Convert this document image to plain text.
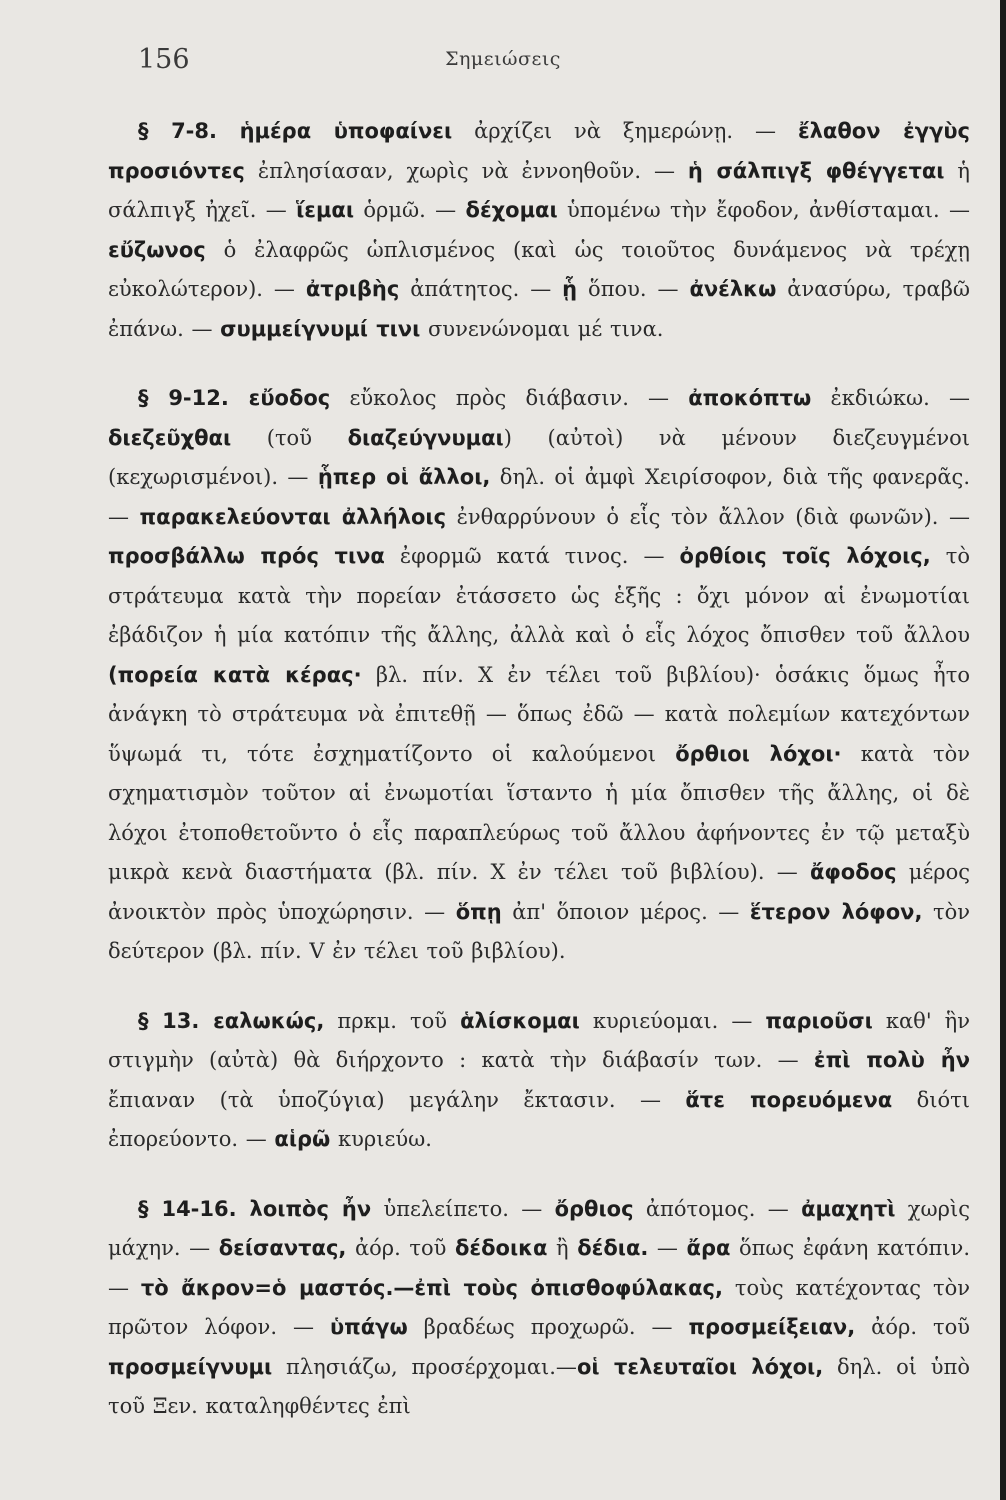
156	Σημειώσεις

§ 7-8. ἡμέρα ὑποφαίνει ἀρχίζει νὰ ξημερώνῃ. — ἔλαθον ἐγγὺς προσιόντες ἐπλησίασαν, χωρὶς νὰ ἐννοηθοῦν. — ἡ σάλπιγξ φθέγγεται ἡ σάλπιγξ ἠχεῖ. — ἵεμαι ὁρμῶ. — δέχομαι ὑπομένω τὴν ἔφοδον, ἀνθίσταμαι. — εὔζωνος ὁ ἐλαφρῶς ὡπλισμένος (καὶ ὡς τοιοῦτος δυνάμενος νὰ τρέχῃ εὐκολώτερον). — ἀτριβὴς ἀπάτητος. — ᾗ ὅπου. — ἀνέλκω ἀνασύρω, τραβῶ ἐπάνω. — συμμείγνυμί τινι συνενώνομαι μέ τινα.

§ 9-12. εὔοδος εὔκολος πρὸς διάβασιν. — ἀποκόπτω ἐκδιώκω. — διεζεῦχθαι (τοῦ διαζεύγνυμαι) (αὐτοὶ) νὰ μένουν διεζευγμένοι (κεχωρισμένοι). — ᾗπερ οἱ ἄλλοι, δηλ. οἱ ἀμφὶ Χειρίσοφον, διὰ τῆς φανερᾶς. — παρακελεύονται ἀλλήλοις ἐνθαρρύνουν ὁ εἷς τὸν ἄλλον (διὰ φωνῶν). — προσβάλλω πρός τινα ἐφορμῶ κατά τινος. — ὀρθίοις τοῖς λόχοις, τὸ στράτευμα κατὰ τὴν πορείαν ἐτάσσετο ὡς ἑξῆς : ὄχι μόνον αἱ ἐνωμοτίαι ἐβάδιζον ἡ μία κατόπιν τῆς ἄλλης, ἀλλὰ καὶ ὁ εἷς λόχος ὄπισθεν τοῦ ἄλλου (πορεία κατὰ κέρας· βλ. πίν. Χ ἐν τέλει τοῦ βιβλίου)· ὁσάκις ὅμως ἦτο ἀνάγκη τὸ στράτευμα νὰ ἐπιτεθῇ — ὅπως ἐδῶ — κατὰ πολεμίων κατεχόντων ὕψωμά τι, τότε ἐσχηματίζοντο οἱ καλούμενοι ὄρθιοι λόχοι· κατὰ τὸν σχηματισμὸν τοῦτον αἱ ἐνωμοτίαι ἵσταντο ἡ μία ὄπισθεν τῆς ἄλλης, οἱ δὲ λόχοι ἐτοποθετοῦντο ὁ εἷς παραπλεύρως τοῦ ἄλλου ἀφήνοντες ἐν τῷ μεταξὺ μικρὰ κενὰ διαστήματα (βλ. πίν. Χ ἐν τέλει τοῦ βιβλίου). — ἄφοδος μέρος ἀνοικτὸν πρὸς ὑποχώρησιν. — ὅπῃ ἀπ' ὅποιον μέρος. — ἕτερον λόφον, τὸν δεύτερον (βλ. πίν. V ἐν τέλει τοῦ βιβλίου).

§ 13. εαλωκώς, πρκμ. τοῦ ἁλίσκομαι κυριεύομαι. — παριοῦσι καθ' ἣν στιγμὴν (αὐτὰ) θὰ διήρχοντο : κατὰ τὴν διάβασίν των. — ἐπὶ πολὺ ἦν ἔπιαναν (τὰ ὑποζύγια) μεγάλην ἔκτασιν. — ἅτε πορευόμενα διότι ἐπορεύοντο. — αἱρῶ κυριεύω.

§ 14-16. λοιπὸς ἦν ὑπελείπετο. — ὄρθιος ἀπότομος. — ἀμαχητὶ χωρὶς μάχην. — δείσαντας, ἀόρ. τοῦ δέδοικα ἢ δέδια. — ἄρα ὅπως ἐφάνη κατόπιν. — τὸ ἄκρον=ὁ μαστός.—ἐπὶ τοὺς ὀπισθοφύλακας, τοὺς κατέχοντας τὸν πρῶτον λόφον. — ὑπάγω βραδέως προχωρῶ. — προσμείξειαν, ἀόρ. τοῦ προσμείγνυμι πλησιάζω, προσέρχομαι.—οἱ τελευταῖοι λόχοι, δηλ. οἱ ὑπὸ τοῦ Ξεν. καταληφθέντες ἐπὶ
